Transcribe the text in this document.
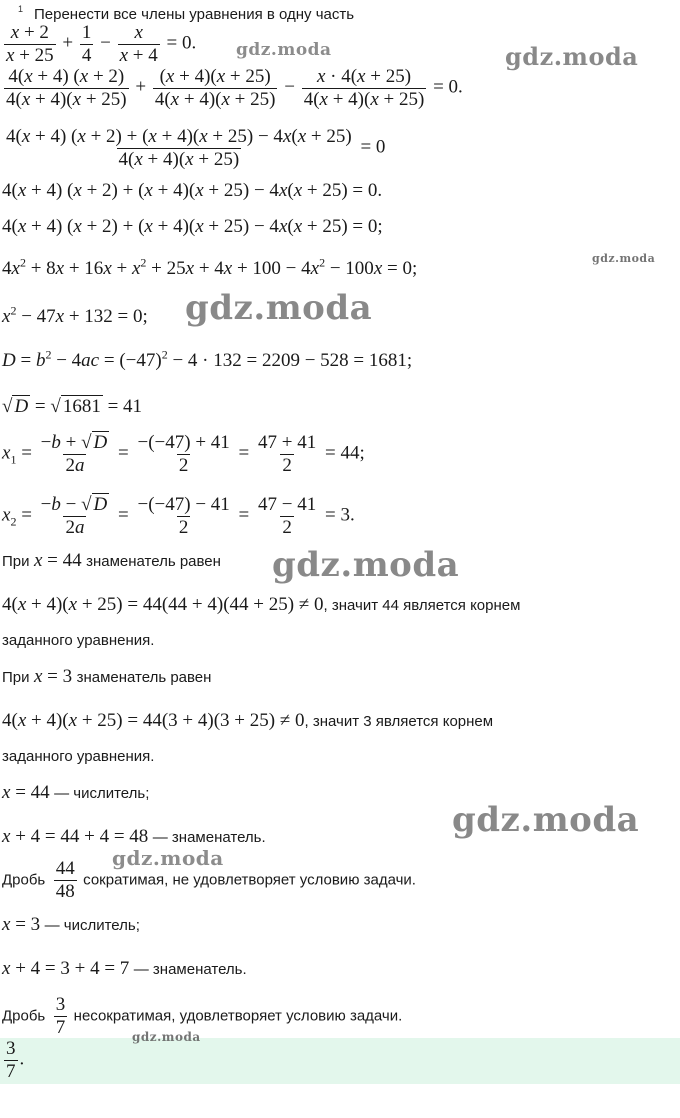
1 Перенести все члены уравнения в одну часть
$\frac{x + 2}{x + 25} + \frac{1}{4} - \frac{x}{x + 4} = 0$.
$\frac{4(x + 4) (x + 2)}{4(x + 4)(x + 25)} + \frac{(x + 4)(x + 25)}{4(x + 4)(x + 25)} - \frac{x \cdot 4(x + 25)}{4(x + 4)(x + 25)} = 0$.
$\frac{4(x + 4) (x + 2) + (x + 4)(x + 25) - 4x(x + 25)}{4(x + 4)(x + 25)} = 0$
4(x + 4) (x + 2) + (x + 4)(x + 25) − 4x(x + 25) = 0.
4(x + 4) (x + 2) + (x + 4)(x + 25) − 4x(x + 25) = 0;
$4x^2 + 8x + 16x + x^2 + 25x + 4x + 100 - 4x^2 - 100x = 0$;
$x^2 - 47x + 132 = 0$;
$D = b^2 - 4ac = (-47)^2 - 4 \cdot 132 = 2209 - 528 = 1681$;
√ D = √ 1681 = 41
$x_1 = \frac{-b + √ D}{2a} = \frac{-(-47) + 41}{2} = \frac{47 + 41}{2} = 44$;
$x_2 = \frac{-b - √ D}{2a} = \frac{-(-47) - 41}{2} = \frac{47 - 41}{2} = 3$.
При x = 44 знаменатель равен
4(x + 4)(x + 25) = 44(44 + 4)(44 + 25) ≠ 0, значит 44 является корнем
заданного уравнения.
При x = 3 знаменатель равен
4(x + 4)(x + 25) = 44(3 + 4)(3 + 25) ≠ 0, значит 3 является корнем
заданного уравнения.
x = 44 — числитель;
x + 4 = 44 + 4 = 48 — знаменатель.
Дробь $\frac{44}{48}$ сократимая, не удовлетворяет условию задачи.
x = 3 — числитель;
x + 4 = 3 + 4 = 7 — знаменатель.
Дробь $\frac{3}{7}$ несократимая, удовлетворяет условию задачи.
$\frac{3}{7}$ .
gdz.moda	gdz.moda
gdz.moda
gdz.moda
gdz.moda
gdz.moda
gdz.moda
gdz.moda
